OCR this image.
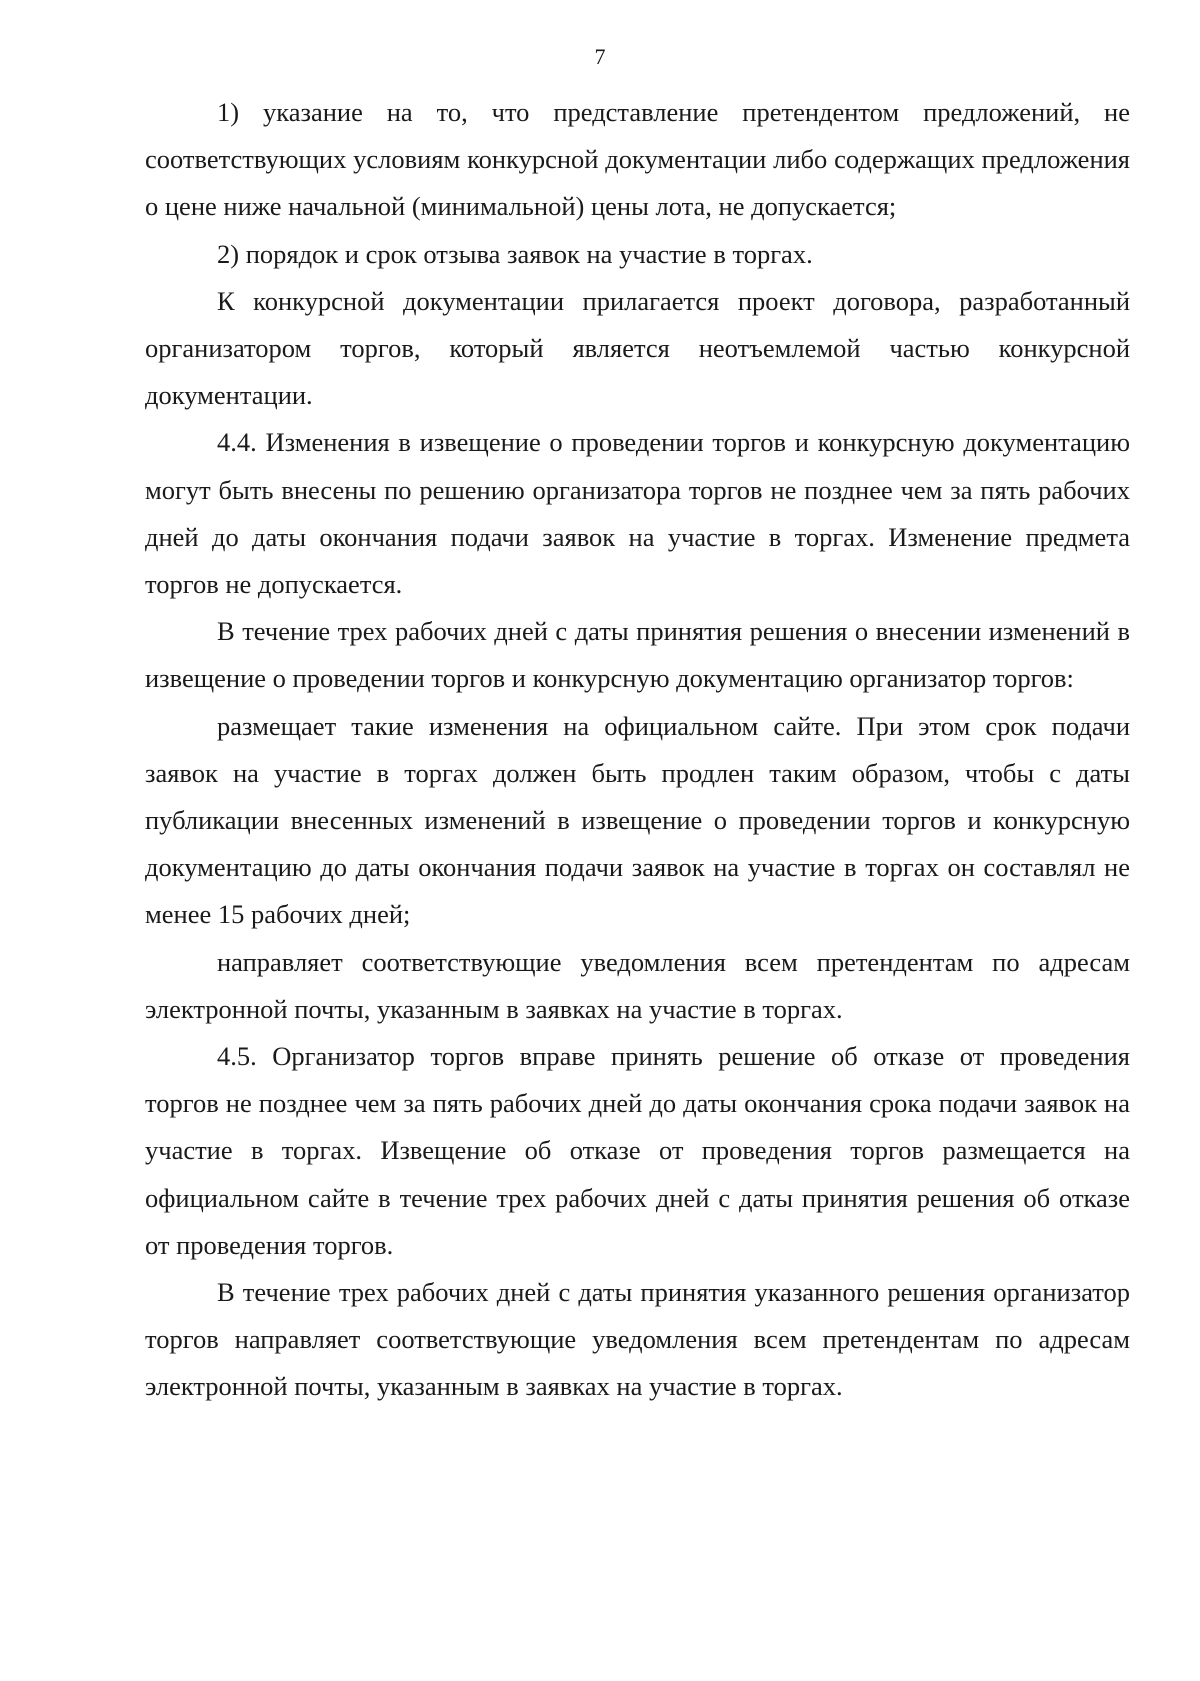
7

1) указание на то, что представление претендентом предложений, не соответствующих условиям конкурсной документации либо содержащих предложения о цене ниже начальной (минимальной) цены лота, не допускается;

2) порядок и срок отзыва заявок на участие в торгах.

К конкурсной документации прилагается проект договора, разработанный организатором торгов, который является неотъемлемой частью конкурсной документации.

4.4. Изменения в извещение о проведении торгов и конкурсную документацию могут быть внесены по решению организатора торгов не позднее чем за пять рабочих дней до даты окончания подачи заявок на участие в торгах. Изменение предмета торгов не допускается.

В течение трех рабочих дней с даты принятия решения о внесении изменений в извещение о проведении торгов и конкурсную документацию организатор торгов:

размещает такие изменения на официальном сайте. При этом срок подачи заявок на участие в торгах должен быть продлен таким образом, чтобы с даты публикации внесенных изменений в извещение о проведении торгов и конкурсную документацию до даты окончания подачи заявок на участие в торгах он составлял не менее 15 рабочих дней;

направляет соответствующие уведомления всем претендентам по адресам электронной почты, указанным в заявках на участие в торгах.

4.5. Организатор торгов вправе принять решение об отказе от проведения торгов не позднее чем за пять рабочих дней до даты окончания срока подачи заявок на участие в торгах. Извещение об отказе от проведения торгов размещается на официальном сайте в течение трех рабочих дней с даты принятия решения об отказе от проведения торгов.

В течение трех рабочих дней с даты принятия указанного решения организатор торгов направляет соответствующие уведомления всем претендентам по адресам электронной почты, указанным в заявках на участие в торгах.
